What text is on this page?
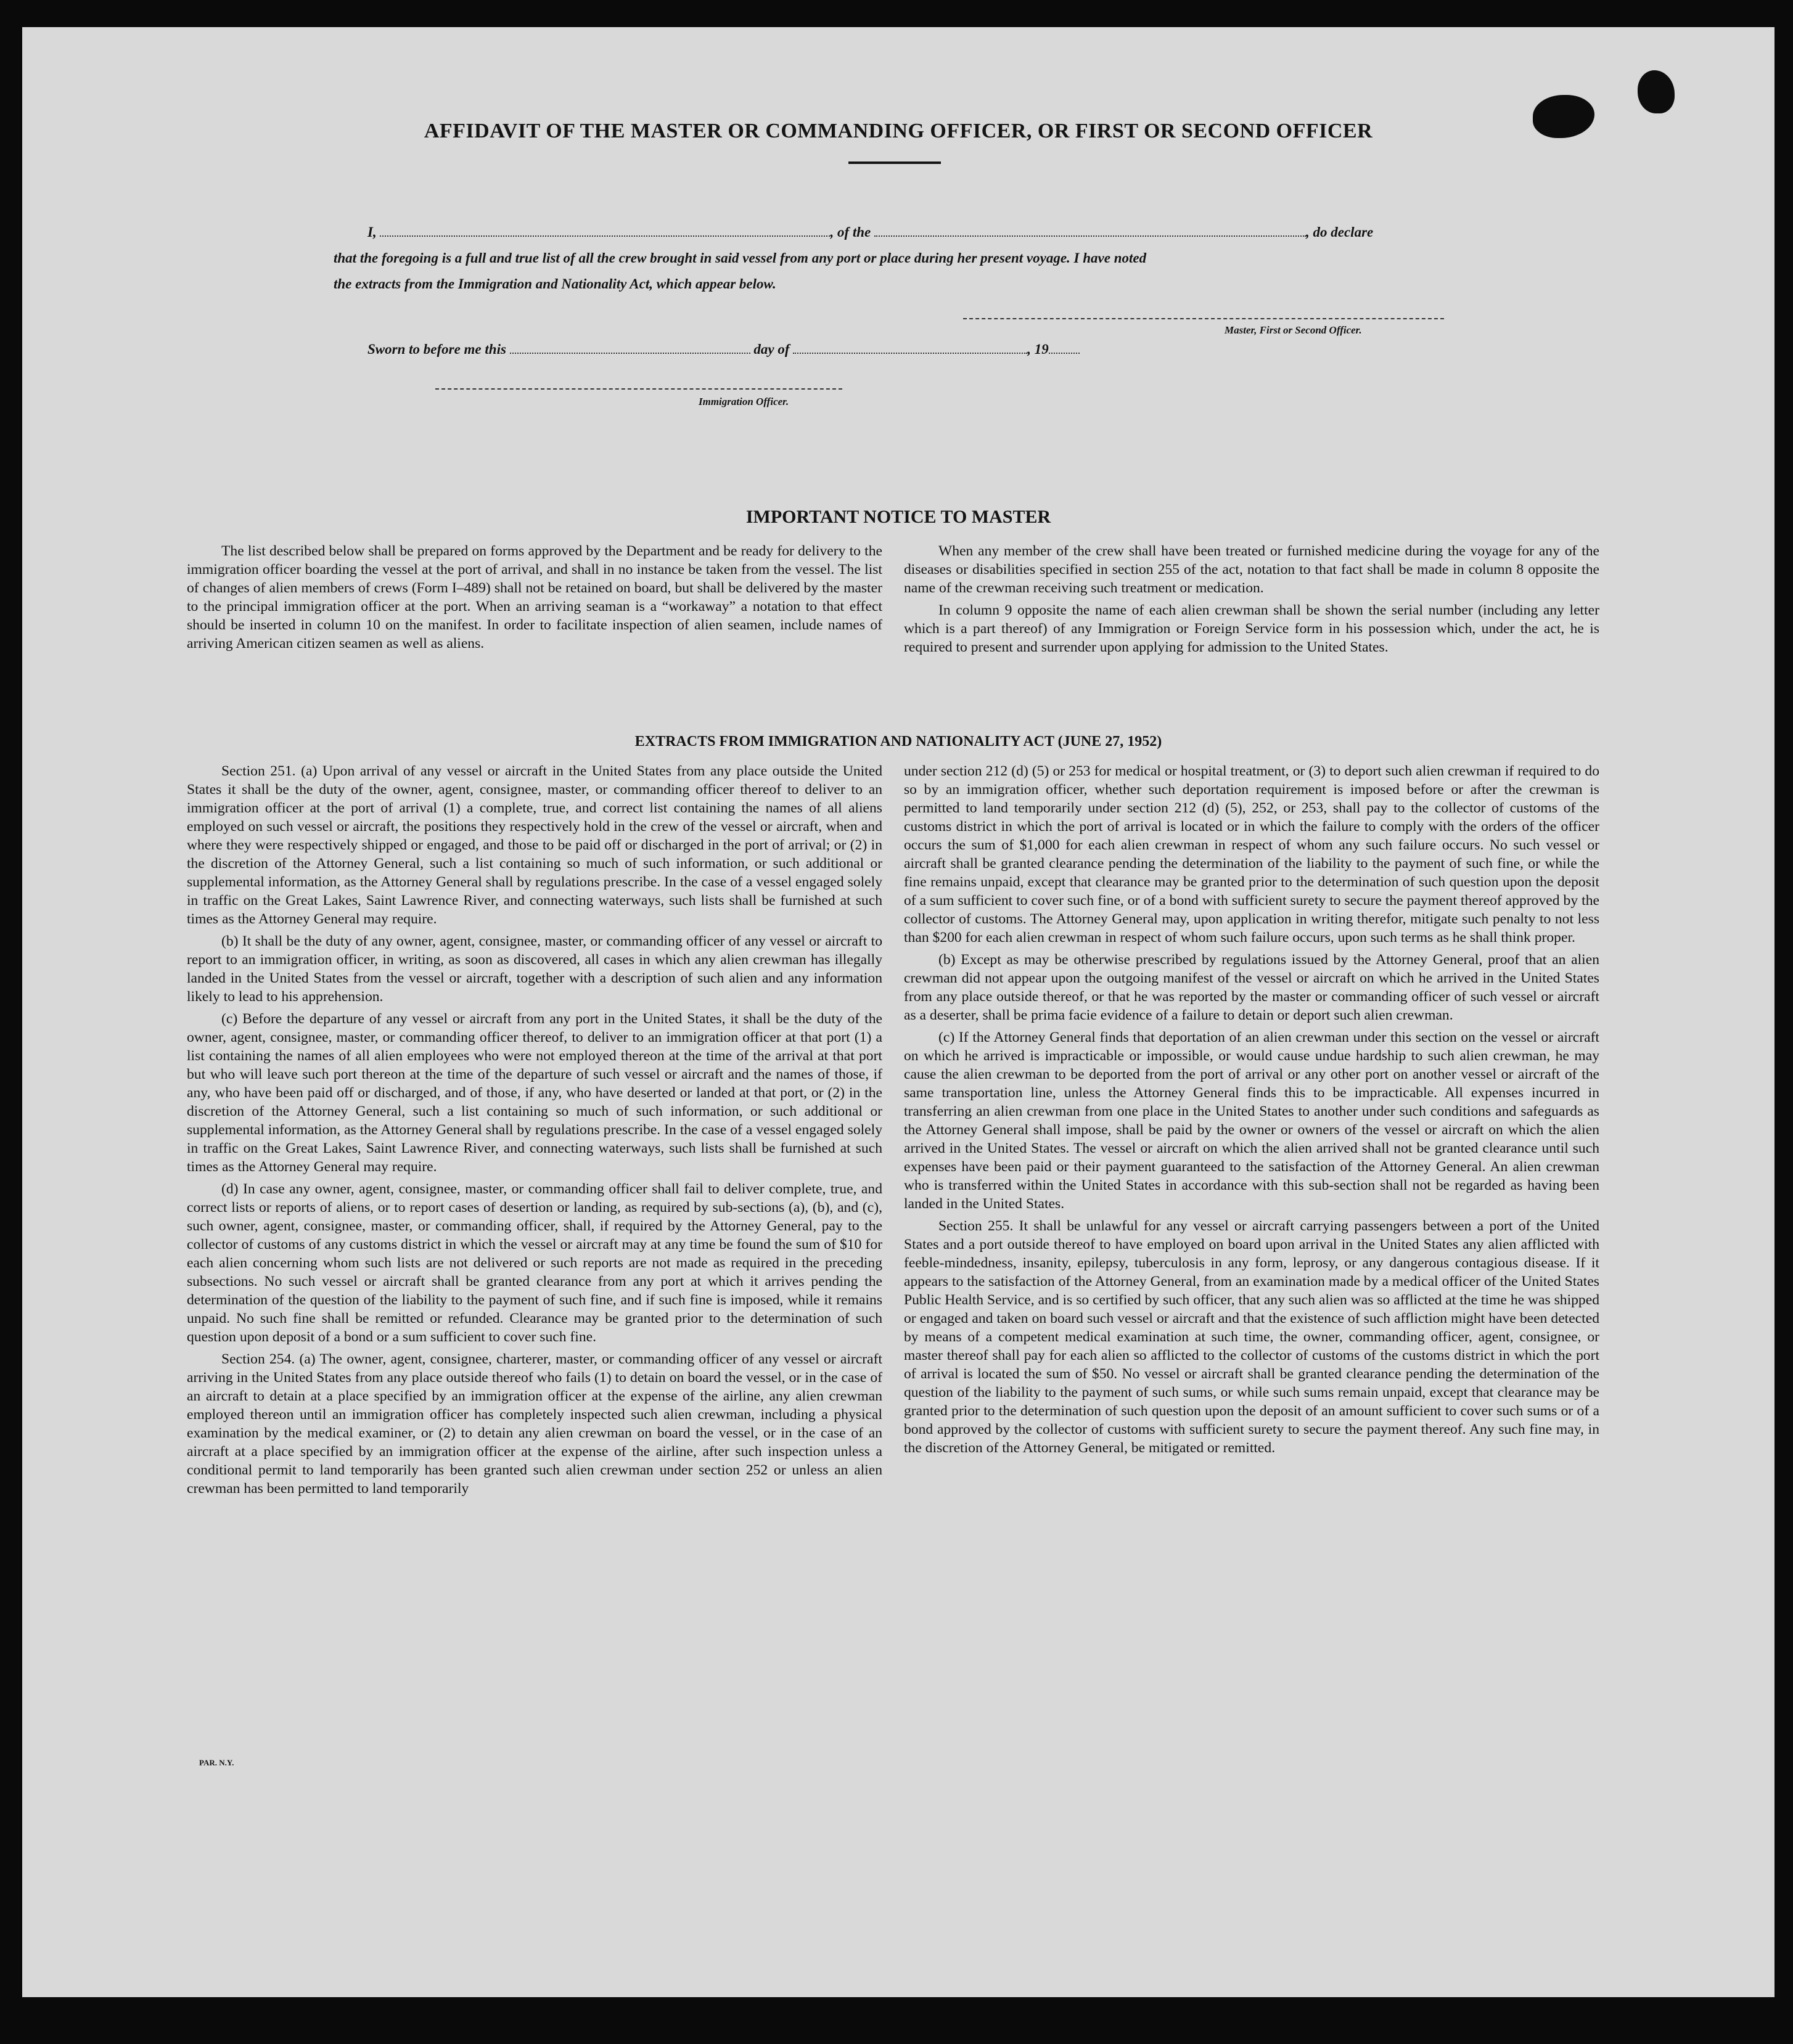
AFFIDAVIT OF THE MASTER OR COMMANDING OFFICER, OR FIRST OR SECOND OFFICER
I,	, of the	, do declare
that the foregoing is a full and true list of all the crew brought in said vessel from any port or place during her present voyage. I have noted
the extracts from the Immigration and Nationality Act, which appear below.
Master, First or Second Officer.
Sworn to before me this	day of	, 19
Immigration Officer.
IMPORTANT NOTICE TO MASTER

The list described below shall be prepared on forms approved by the Department and be ready for delivery to the immigration officer boarding the vessel at the port of arrival, and shall in no instance be taken from the vessel. The list of changes of alien members of crews (Form I–489) shall not be retained on board, but shall be delivered by the master to the principal immigration officer at the port. When an arriving seaman is a “workaway” a notation to that effect should be inserted in column 10 on the manifest. In order to facilitate inspection of alien seamen, include names of arriving American citizen seamen as well as aliens.

When any member of the crew shall have been treated or furnished medicine during the voyage for any of the diseases or disabilities specified in section 255 of the act, notation to that fact shall be made in column 8 opposite the name of the crewman receiving such treatment or medication.

In column 9 opposite the name of each alien crewman shall be shown the serial number (including any letter which is a part thereof) of any Immigration or Foreign Service form in his possession which, under the act, he is required to present and surrender upon applying for admission to the United States.

EXTRACTS FROM IMMIGRATION AND NATIONALITY ACT (JUNE 27, 1952)

Section 251. (a) Upon arrival of any vessel or aircraft in the United States from any place outside the United States it shall be the duty of the owner, agent, consignee, master, or commanding officer thereof to deliver to an immigration officer at the port of arrival (1) a complete, true, and correct list containing the names of all aliens employed on such vessel or aircraft, the positions they respectively hold in the crew of the vessel or aircraft, when and where they were respectively shipped or engaged, and those to be paid off or discharged in the port of arrival; or (2) in the discretion of the Attorney General, such a list containing so much of such information, or such additional or supplemental information, as the Attorney General shall by regulations prescribe. In the case of a vessel engaged solely in traffic on the Great Lakes, Saint Lawrence River, and connecting waterways, such lists shall be furnished at such times as the Attorney General may require.

(b) It shall be the duty of any owner, agent, consignee, master, or commanding officer of any vessel or aircraft to report to an immigration officer, in writing, as soon as discovered, all cases in which any alien crewman has illegally landed in the United States from the vessel or aircraft, together with a description of such alien and any information likely to lead to his apprehension.

(c) Before the departure of any vessel or aircraft from any port in the United States, it shall be the duty of the owner, agent, consignee, master, or commanding officer thereof, to deliver to an immigration officer at that port (1) a list containing the names of all alien employees who were not employed thereon at the time of the arrival at that port but who will leave such port thereon at the time of the departure of such vessel or aircraft and the names of those, if any, who have been paid off or discharged, and of those, if any, who have deserted or landed at that port, or (2) in the discretion of the Attorney General, such a list containing so much of such information, or such additional or supplemental information, as the Attorney General shall by regulations prescribe. In the case of a vessel engaged solely in traffic on the Great Lakes, Saint Lawrence River, and connecting waterways, such lists shall be furnished at such times as the Attorney General may require.

(d) In case any owner, agent, consignee, master, or commanding officer shall fail to deliver complete, true, and correct lists or reports of aliens, or to report cases of desertion or landing, as required by sub-sections (a), (b), and (c), such owner, agent, consignee, master, or commanding officer, shall, if required by the Attorney General, pay to the collector of customs of any customs district in which the vessel or aircraft may at any time be found the sum of $10 for each alien concerning whom such lists are not delivered or such reports are not made as required in the preceding subsections. No such vessel or aircraft shall be granted clearance from any port at which it arrives pending the determination of the question of the liability to the payment of such fine, and if such fine is imposed, while it remains unpaid. No such fine shall be remitted or refunded. Clearance may be granted prior to the determination of such question upon deposit of a bond or a sum sufficient to cover such fine.

Section 254. (a) The owner, agent, consignee, charterer, master, or commanding officer of any vessel or aircraft arriving in the United States from any place outside thereof who fails (1) to detain on board the vessel, or in the case of an aircraft to detain at a place specified by an immigration officer at the expense of the airline, any alien crewman employed thereon until an immigration officer has completely inspected such alien crewman, including a physical examination by the medical examiner, or (2) to detain any alien crewman on board the vessel, or in the case of an aircraft at a place specified by an immigration officer at the expense of the airline, after such inspection unless a conditional permit to land temporarily has been granted such alien crewman under section 252 or unless an alien crewman has been permitted to land temporarily

under section 212 (d) (5) or 253 for medical or hospital treatment, or (3) to deport such alien crewman if required to do so by an immigration officer, whether such deportation requirement is imposed before or after the crewman is permitted to land temporarily under section 212 (d) (5), 252, or 253, shall pay to the collector of customs of the customs district in which the port of arrival is located or in which the failure to comply with the orders of the officer occurs the sum of $1,000 for each alien crewman in respect of whom any such failure occurs. No such vessel or aircraft shall be granted clearance pending the determination of the liability to the payment of such fine, or while the fine remains unpaid, except that clearance may be granted prior to the determination of such question upon the deposit of a sum sufficient to cover such fine, or of a bond with sufficient surety to secure the payment thereof approved by the collector of customs. The Attorney General may, upon application in writing therefor, mitigate such penalty to not less than $200 for each alien crewman in respect of whom such failure occurs, upon such terms as he shall think proper.

(b) Except as may be otherwise prescribed by regulations issued by the Attorney General, proof that an alien crewman did not appear upon the outgoing manifest of the vessel or aircraft on which he arrived in the United States from any place outside thereof, or that he was reported by the master or commanding officer of such vessel or aircraft as a deserter, shall be prima facie evidence of a failure to detain or deport such alien crewman.

(c) If the Attorney General finds that deportation of an alien crewman under this section on the vessel or aircraft on which he arrived is impracticable or impossible, or would cause undue hardship to such alien crewman, he may cause the alien crewman to be deported from the port of arrival or any other port on another vessel or aircraft of the same transportation line, unless the Attorney General finds this to be impracticable. All expenses incurred in transferring an alien crewman from one place in the United States to another under such conditions and safeguards as the Attorney General shall impose, shall be paid by the owner or owners of the vessel or aircraft on which the alien arrived in the United States. The vessel or aircraft on which the alien arrived shall not be granted clearance until such expenses have been paid or their payment guaranteed to the satisfaction of the Attorney General. An alien crewman who is transferred within the United States in accordance with this sub-section shall not be regarded as having been landed in the United States.

Section 255. It shall be unlawful for any vessel or aircraft carrying passengers between a port of the United States and a port outside thereof to have employed on board upon arrival in the United States any alien afflicted with feeble-mindedness, insanity, epilepsy, tuberculosis in any form, leprosy, or any dangerous contagious disease. If it appears to the satisfaction of the Attorney General, from an examination made by a medical officer of the United States Public Health Service, and is so certified by such officer, that any such alien was so afflicted at the time he was shipped or engaged and taken on board such vessel or aircraft and that the existence of such affliction might have been detected by means of a competent medical examination at such time, the owner, commanding officer, agent, consignee, or master thereof shall pay for each alien so afflicted to the collector of customs of the customs district in which the port of arrival is located the sum of $50. No vessel or aircraft shall be granted clearance pending the determination of the question of the liability to the payment of such sums, or while such sums remain unpaid, except that clearance may be granted prior to the determination of such question upon the deposit of an amount sufficient to cover such sums or of a bond approved by the collector of customs with sufficient surety to secure the payment thereof. Any such fine may, in the discretion of the Attorney General, be mitigated or remitted.

PAR. N.Y.
